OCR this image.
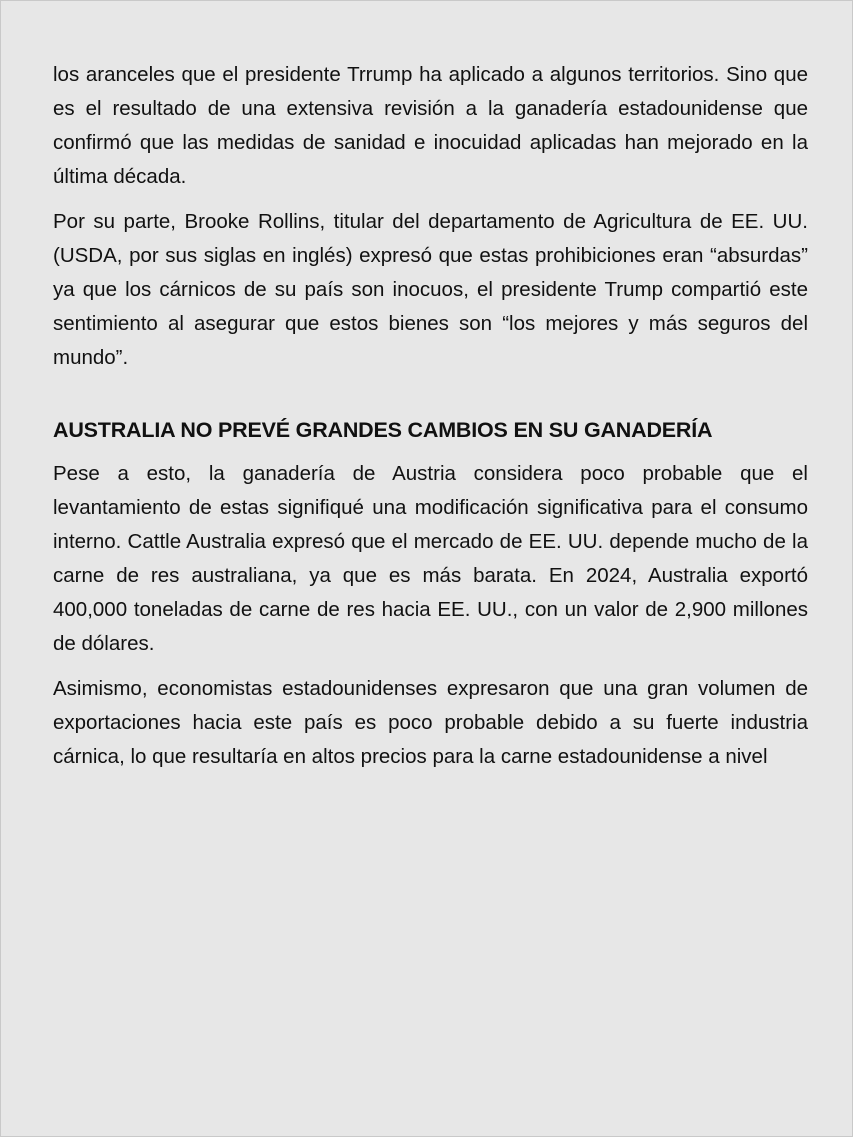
los aranceles que el presidente Trrump ha aplicado a algunos territorios. Sino que es el resultado de una extensiva revisión a la ganadería estadounidense que confirmó que las medidas de sanidad e inocuidad aplicadas han mejorado en la última década.

Por su parte, Brooke Rollins, titular del departamento de Agricultura de EE. UU. (USDA, por sus siglas en inglés) expresó que estas prohibiciones eran “absurdas” ya que los cárnicos de su país son inocuos, el presidente Trump compartió este sentimiento al asegurar que estos bienes son “los mejores y más seguros del mundo”.

AUSTRALIA NO PREVÉ GRANDES CAMBIOS EN SU GANADERÍA

Pese a esto, la ganadería de Austria considera poco probable que el levantamiento de estas signifiqué una modificación significativa para el consumo interno. Cattle Australia expresó que el mercado de EE. UU. depende mucho de la carne de res australiana, ya que es más barata. En 2024, Australia exportó 400,000 toneladas de carne de res hacia EE. UU., con un valor de 2,900 millones de dólares.

Asimismo, economistas estadounidenses expresaron que una gran volumen de exportaciones hacia este país es poco probable debido a su fuerte industria cárnica, lo que resultaría en altos precios para la carne estadounidense a nivel
